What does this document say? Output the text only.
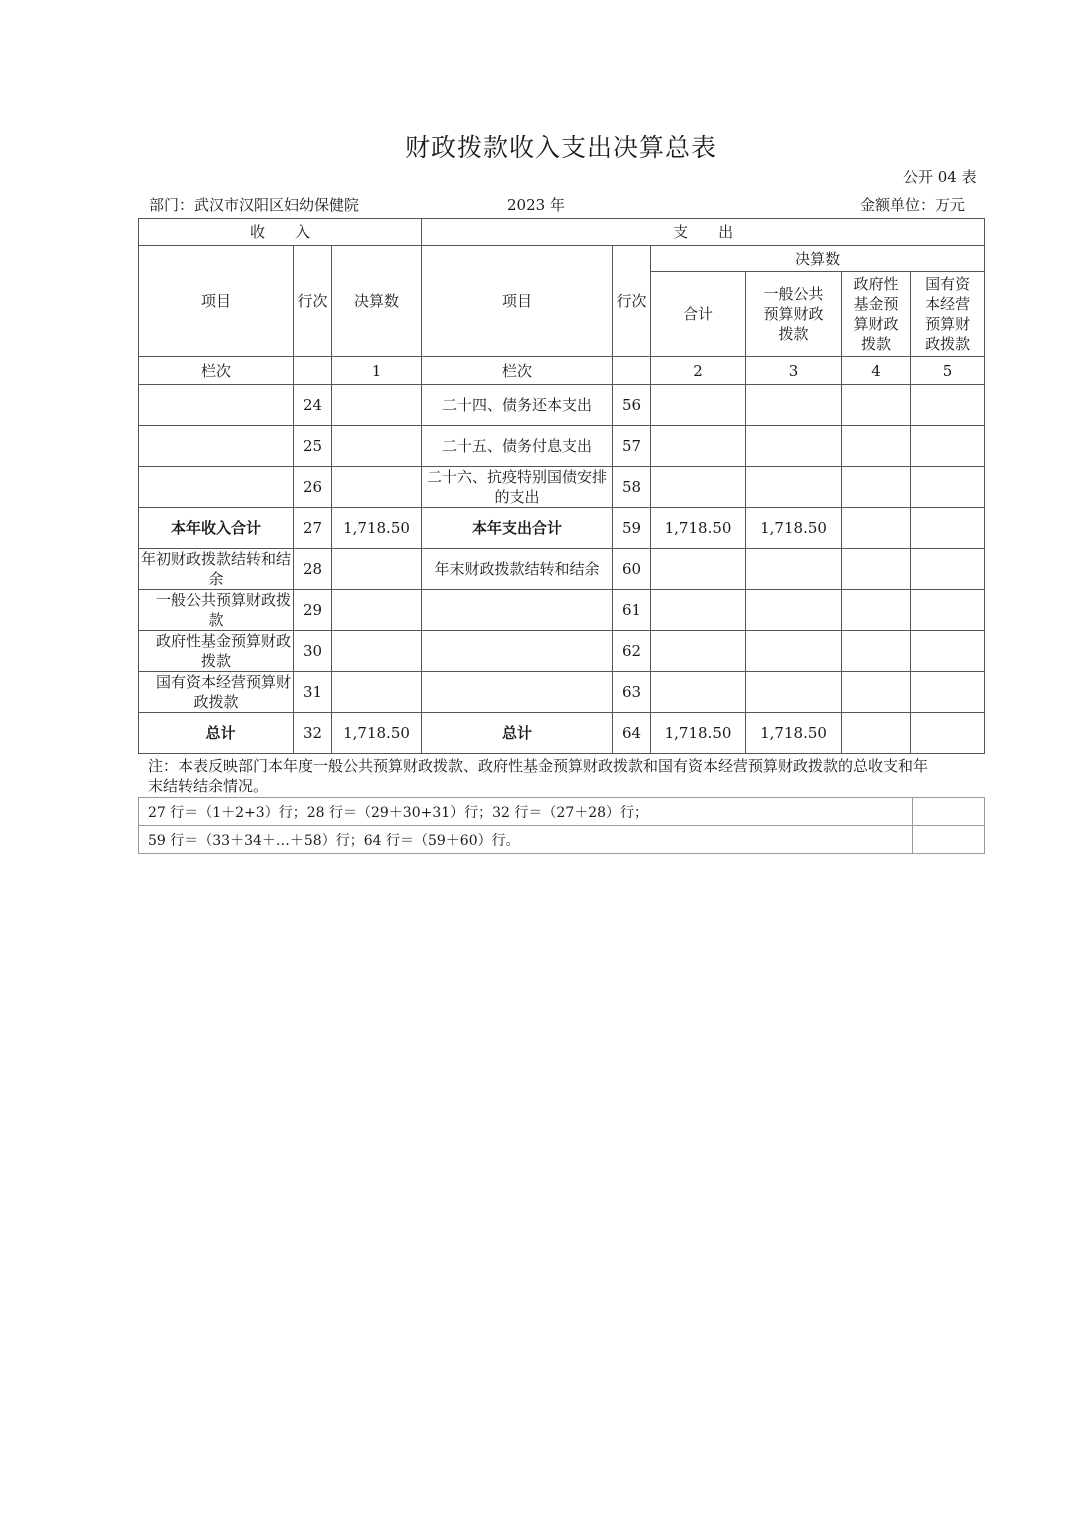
财政拨款收入支出决算总表
公开 04 表
部门：武汉市汉阳区妇幼保健院	2023 年	金额单位：万元
收　　入			支　　出					
项目	行次	决算数	项目	行次	决算数			
					合计	一般公共预算财政拨款	政府性基金预算财政拨款	国有资本经营预算财政拨款
栏次		1	栏次		2	3	4	5
	24		二十四、债务还本支出	56				
	25		二十五、债务付息支出	57				
	26		二十六、抗疫特别国债安排的支出	58				
本年收入合计	27	1,718.50	本年支出合计	59	1,718.50	1,718.50		
年初财政拨款结转和结余	28		年末财政拨款结转和结余	60				
　一般公共预算财政拨款	29			61				
　政府性基金预算财政拨款	30			62				
　国有资本经营预算财政拨款	31			63				
总计	32	1,718.50	总计	64	1,718.50	1,718.50		
注：本表反映部门本年度一般公共预算财政拨款、政府性基金预算财政拨款和国有资本经营预算财政拨款的总收支和年末结转结余情况。
27 行＝（1＋2+3）行；28 行＝（29＋30+31）行；32 行＝（27＋28）行；	
59 行＝（33＋34＋…＋58）行；64 行＝（59＋60）行。	
